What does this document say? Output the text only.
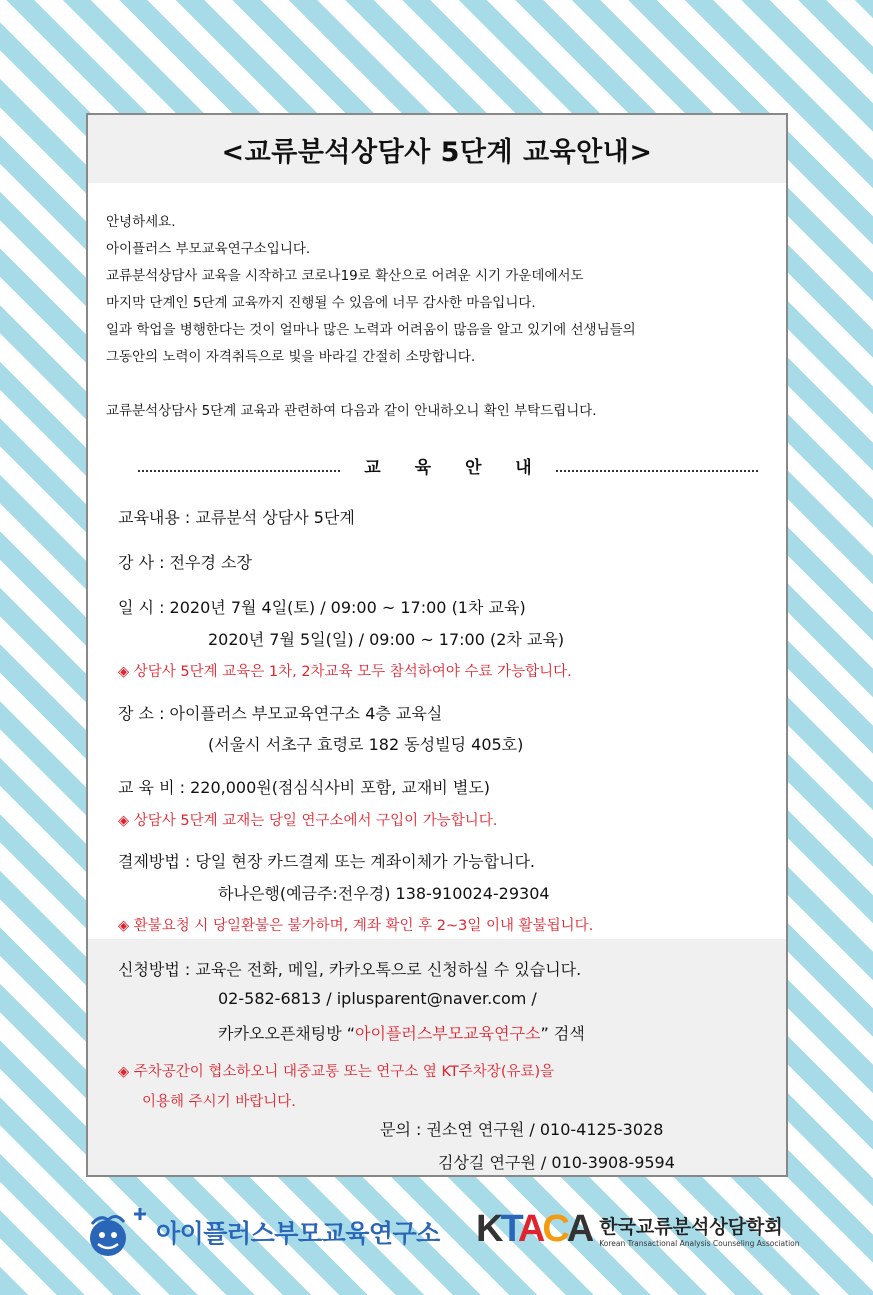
<교류분석상담사 5단계 교육안내>
안녕하세요.
아이플러스 부모교육연구소입니다.
교류분석상담사 교육을 시작하고 코로나19로 확산으로 어려운 시기 가운데에서도
마지막 단계인 5단계 교육까지 진행될 수 있음에 너무 감사한 마음입니다.
일과 학업을 병행한다는 것이 얼마나 많은 노력과 어려움이 많음을 알고 있기에 선생님들의
그동안의 노력이 자격취득으로 빛을 바라길 간절히 소망합니다.
교류분석상담사 5단계 교육과 관련하여 다음과 같이 안내하오니 확인 부탁드립니다.
교 육 안 내
교육내용 : 교류분석 상담사 5단계
강 사 : 전우경 소장
일 시 : 2020년 7월 4일(토) / 09:00 ~ 17:00 (1차 교육)
2020년 7월 5일(일) / 09:00 ~ 17:00 (2차 교육)
◈ 상담사 5단계 교육은 1차, 2차교육 모두 참석하여야 수료 가능합니다.
장 소 : 아이플러스 부모교육연구소 4층 교육실
(서울시 서초구 효령로 182 동성빌딩 405호)
교 육 비 : 220,000원(점심식사비 포함, 교재비 별도)
◈ 상담사 5단계 교재는 당일 연구소에서 구입이 가능합니다.
결제방법 : 당일 현장 카드결제 또는 계좌이체가 가능합니다.
하나은행(예금주:전우경) 138-910024-29304
◈ 환불요청 시 당일환불은 불가하며, 계좌 확인 후 2~3일 이내 활불됩니다.
신청방법 : 교육은 전화, 메일, 카카오톡으로 신청하실 수 있습니다.
02-582-6813 / iplusparent@naver.com /
카카오오픈채팅방 “아이플러스부모교육연구소” 검색
◈ 주차공간이 협소하오니 대중교통 또는 연구소 옆 KT주차장(유료)을
이용해 주시기 바랍니다.
문의 : 권소연 연구원 / 010-4125-3028
김상길 연구원 / 010-3908-9594
아이플러스부모교육연구소 KTACA 한국교류분석상담학회
Korean Transactional Analysis Counseling Association
